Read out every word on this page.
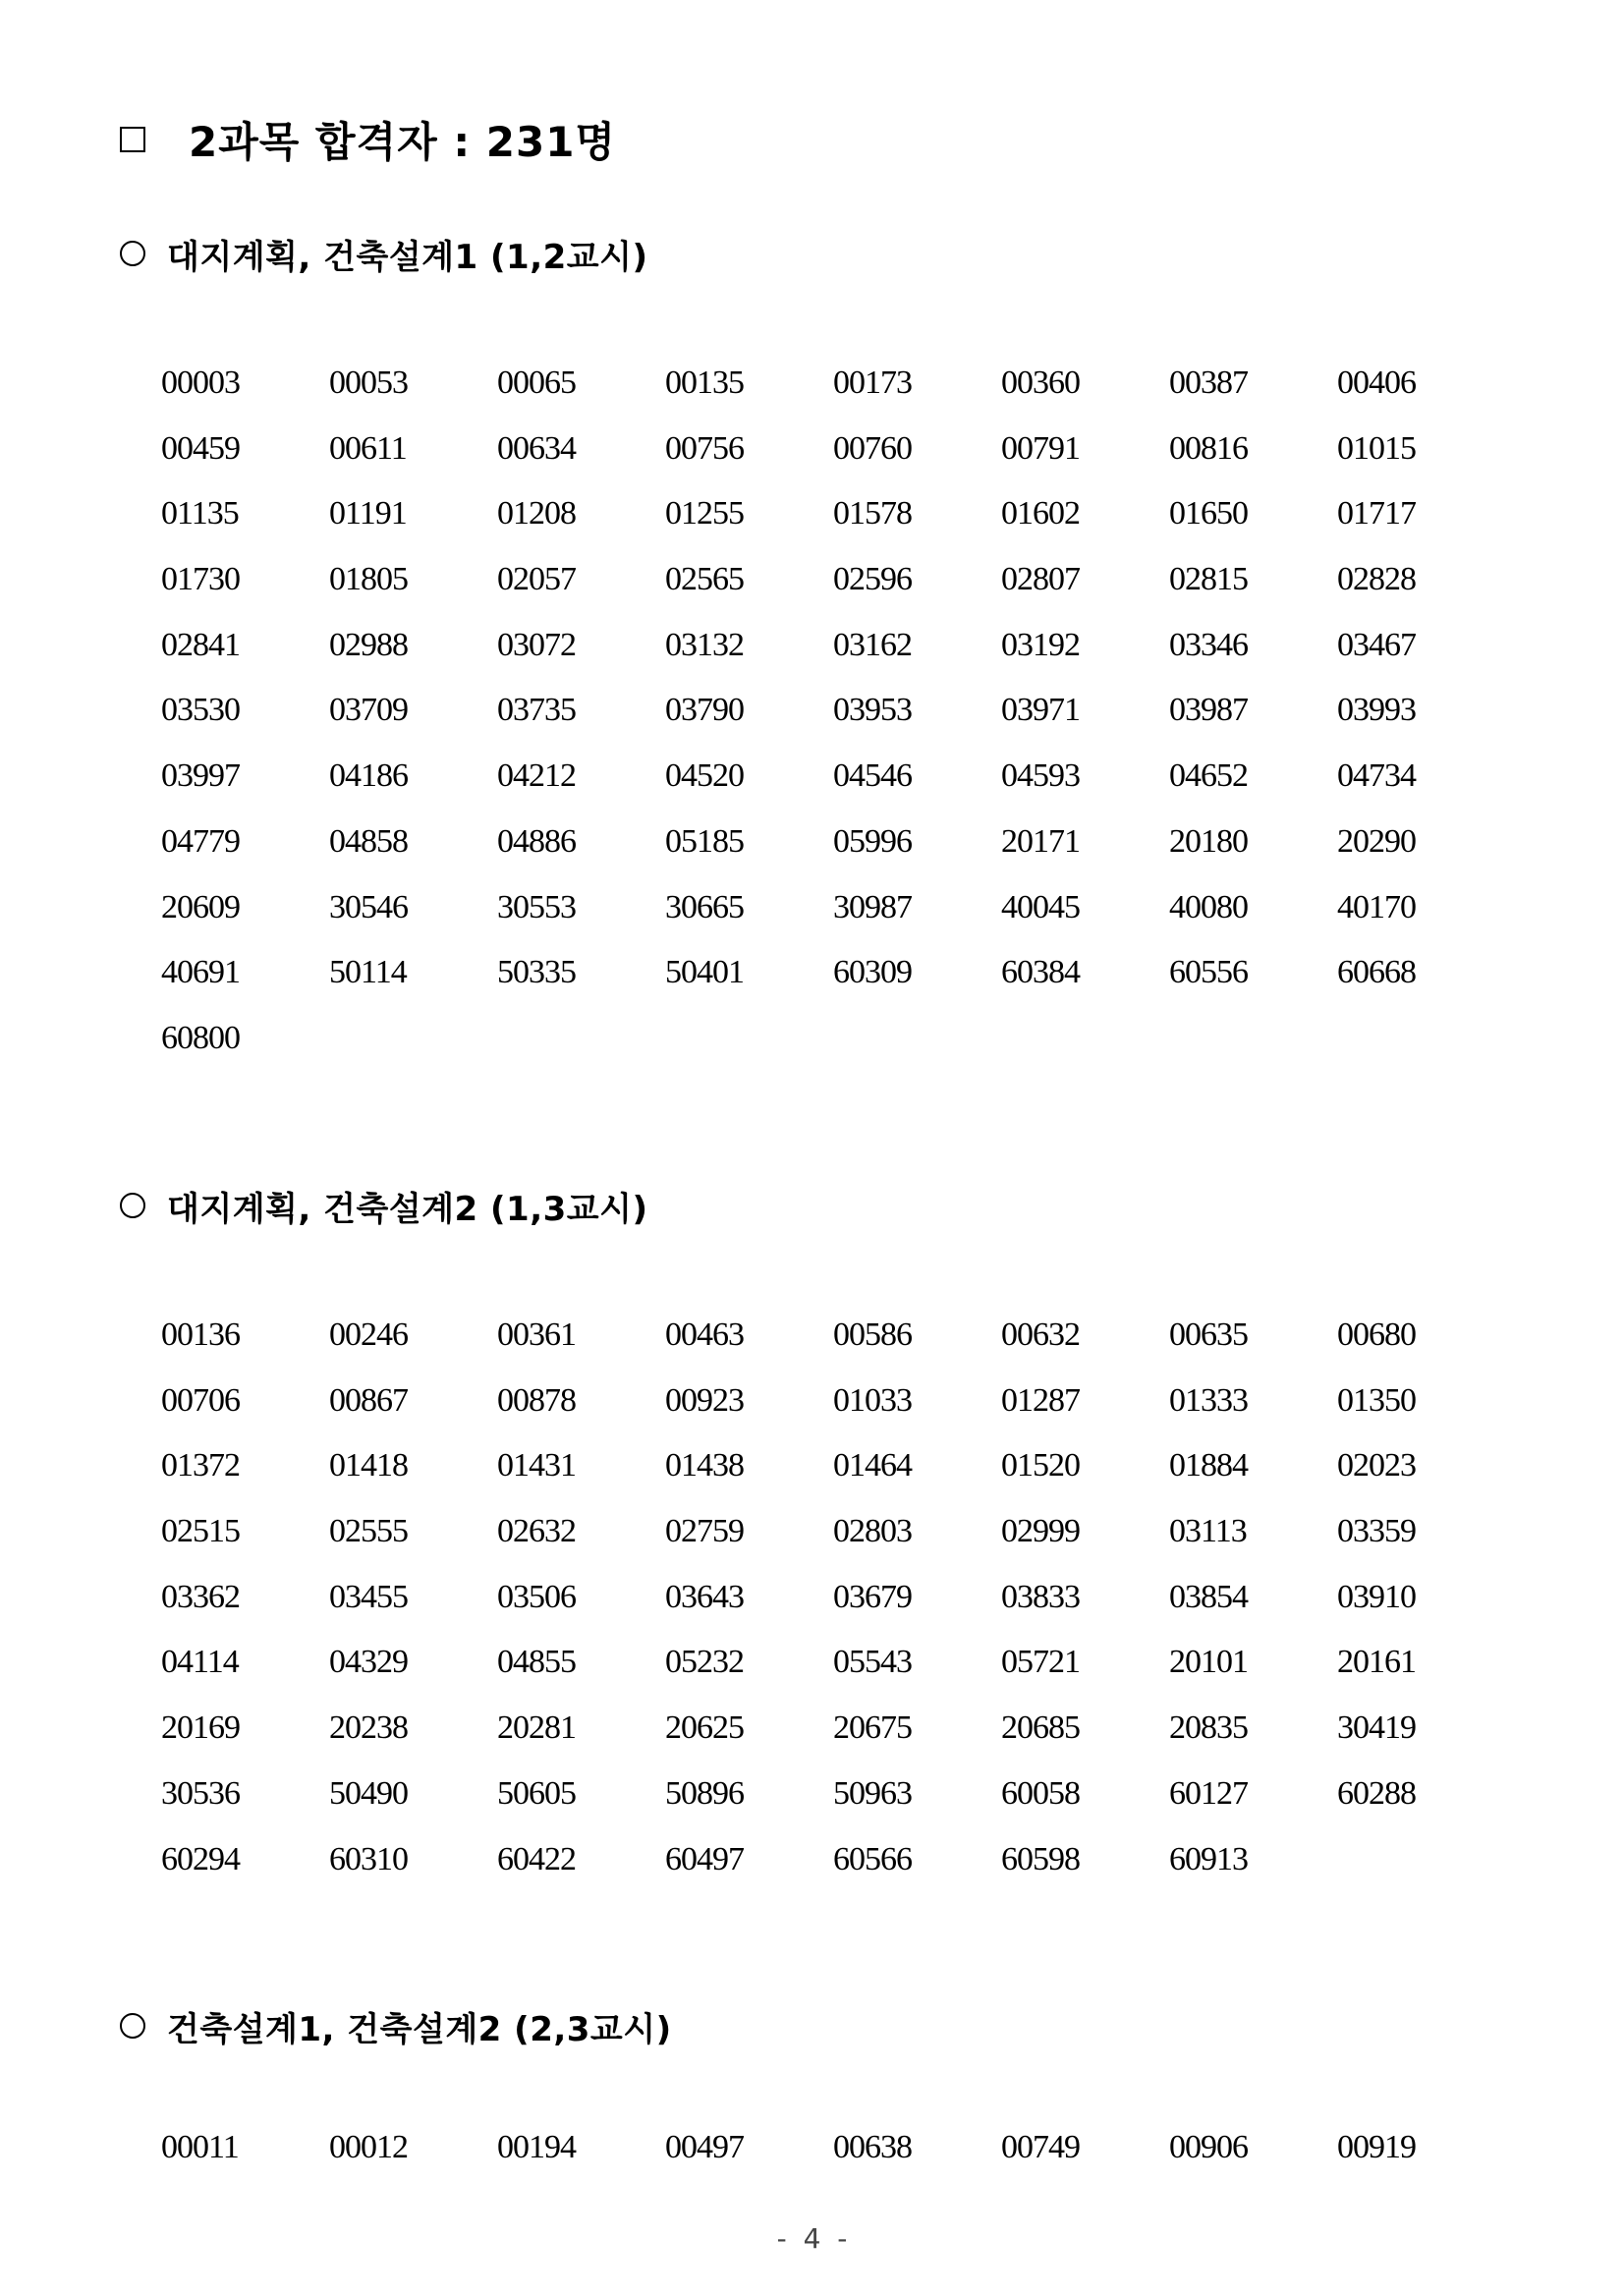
2과목 합격자 : 231명
대지계획, 건축설계1 (1,2교시)
00003	00053	00065	00135	00173	00360	00387	00406
00459	00611	00634	00756	00760	00791	00816	01015
01135	01191	01208	01255	01578	01602	01650	01717
01730	01805	02057	02565	02596	02807	02815	02828
02841	02988	03072	03132	03162	03192	03346	03467
03530	03709	03735	03790	03953	03971	03987	03993
03997	04186	04212	04520	04546	04593	04652	04734
04779	04858	04886	05185	05996	20171	20180	20290
20609	30546	30553	30665	30987	40045	40080	40170
40691	50114	50335	50401	60309	60384	60556	60668
60800
대지계획, 건축설계2 (1,3교시)
00136	00246	00361	00463	00586	00632	00635	00680
00706	00867	00878	00923	01033	01287	01333	01350
01372	01418	01431	01438	01464	01520	01884	02023
02515	02555	02632	02759	02803	02999	03113	03359
03362	03455	03506	03643	03679	03833	03854	03910
04114	04329	04855	05232	05543	05721	20101	20161
20169	20238	20281	20625	20675	20685	20835	30419
30536	50490	50605	50896	50963	60058	60127	60288
60294	60310	60422	60497	60566	60598	60913
건축설계1, 건축설계2 (2,3교시)
00011	00012	00194	00497	00638	00749	00906	00919
- 4 -
